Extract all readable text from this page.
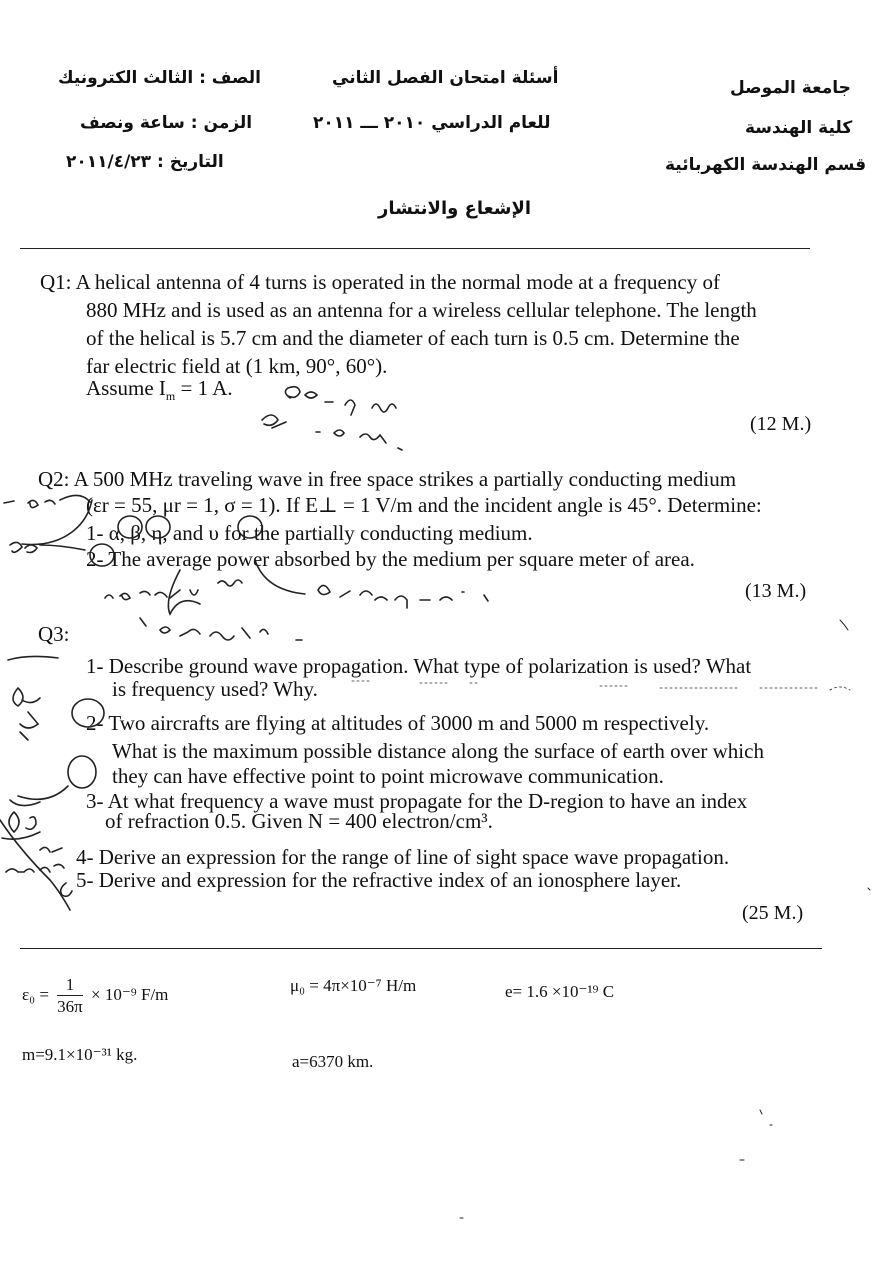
الصف : الثالث الكترونيك
الزمن : ساعة ونصف
التاريخ : ٢٠١١/٤/٢٣
أسئلة امتحان الفصل الثاني
للعام الدراسي ٢٠١٠ ـــ ٢٠١١
جامعة الموصل
كلية الهندسة
قسم الهندسة الكهربائية
الإشعاع والانتشار
Q1: A helical antenna of 4 turns is operated in the normal mode at a frequency of
880 MHz and is used as an antenna for a wireless cellular telephone. The length
of the helical is 5.7 cm and the diameter of each turn is 0.5 cm. Determine the
far electric field at (1 km, 90°, 60°).
Assume $I_m = 1$ A.
(12 M.)
Q2: A 500 MHz traveling wave in free space strikes a partially conducting medium
(εr = 55, μr = 1, σ = 1). If E⊥ = 1 V/m and the incident angle is 45°. Determine:
1- α, β, η, and υ for the partially conducting medium.
2- The average power absorbed by the medium per square meter of area.
(13 M.)
Q3:
1- Describe ground wave propagation. What type of polarization is used? What
is frequency used? Why.
2- Two aircrafts are flying at altitudes of 3000 m and 5000 m respectively.
What is the maximum possible distance along the surface of earth over which
they can have effective point to point microwave communication.
3- At what frequency a wave must propagate for the D-region to have an index
of refraction 0.5. Given N = 400 electron/cm³.
4- Derive an expression for the range of line of sight space wave propagation.
5- Derive and expression for the refractive index of an ionosphere layer.
(25 M.)
$\varepsilon_0 = \frac{1}{36\pi} \times 10^{-9}$ F/m	μ₀ = 4π×10⁻⁷ H/m	e= 1.6 ×10⁻¹⁹ C
m=9.1×10⁻³¹ kg.	a=6370 km.
